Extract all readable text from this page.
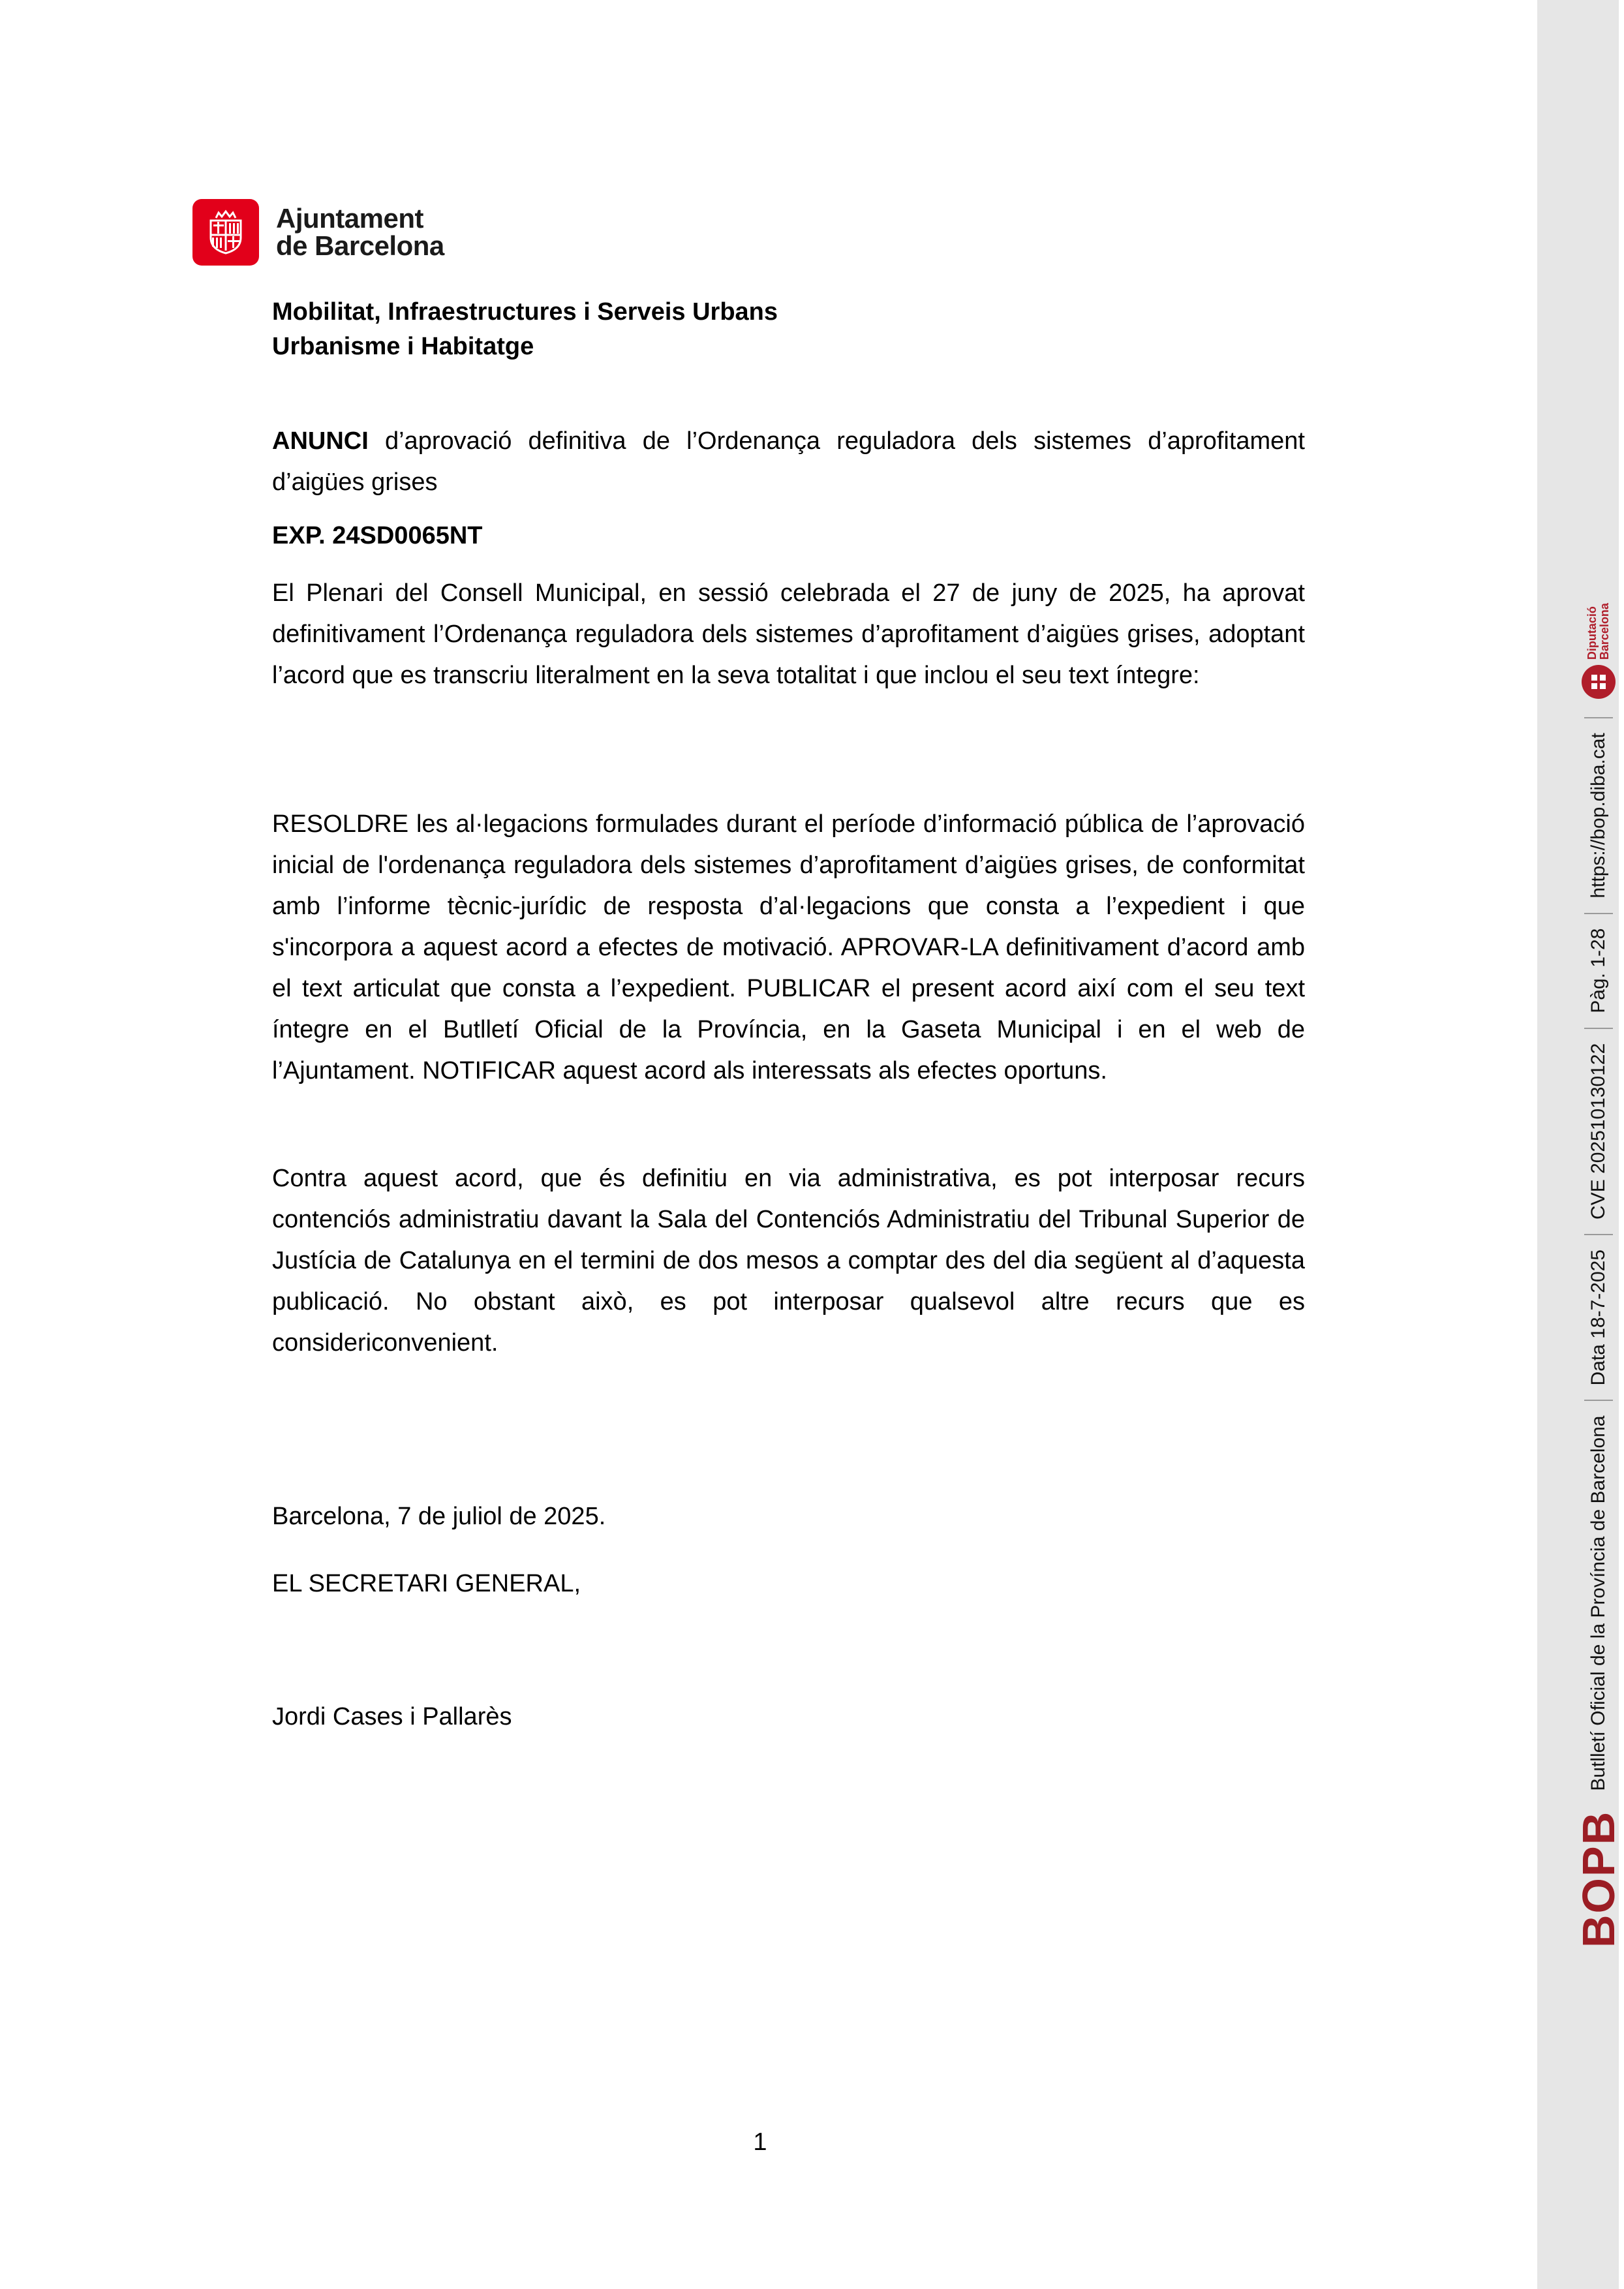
Ajuntament
de Barcelona
Mobilitat, Infraestructures i Serveis Urbans
Urbanisme i Habitatge

ANUNCI d’aprovació definitiva de l’Ordenança reguladora dels sistemes d’aprofitament d’aigües grises

EXP. 24SD0065NT

El Plenari del Consell Municipal, en sessió celebrada el 27 de juny de 2025, ha aprovat definitivament l’Ordenança reguladora dels sistemes d’aprofitament d’aigües grises, adoptant l’acord que es transcriu literalment en la seva totalitat i que inclou el seu text íntegre:

RESOLDRE les al·legacions formulades durant el període d’informació pública de l’aprovació inicial de l'ordenança reguladora dels sistemes d’aprofitament d’aigües grises, de conformitat amb l’informe tècnic-jurídic de resposta d’al·legacions que consta a l’expedient i que s'incorpora a aquest acord a efectes de motivació. APROVAR-LA definitivament d’acord amb el text articulat que consta a l’expedient. PUBLICAR el present acord així com el seu text íntegre en el Butlletí Oficial de la Província, en la Gaseta Municipal i en el web de l’Ajuntament. NOTIFICAR aquest acord als interessats als efectes oportuns.

Contra aquest acord, que és definitiu en via administrativa, es pot interposar recurs contenciós administratiu davant la Sala del Contenciós Administratiu del Tribunal Superior de Justícia de Catalunya en el termini de dos mesos a comptar des del dia següent al d’aquesta publicació. No obstant això, es pot interposar qualsevol altre recurs que es considericonvenient.

Barcelona, 7 de juliol de 2025.
EL SECRETARI GENERAL,
Jordi Cases i Pallarès
1
BOPB
Butlletí Oficial de la Província de Barcelona
Data 18-7-2025
CVE 202510130122
Pàg. 1-28
https://bop.diba.cat
Diputació Barcelona
